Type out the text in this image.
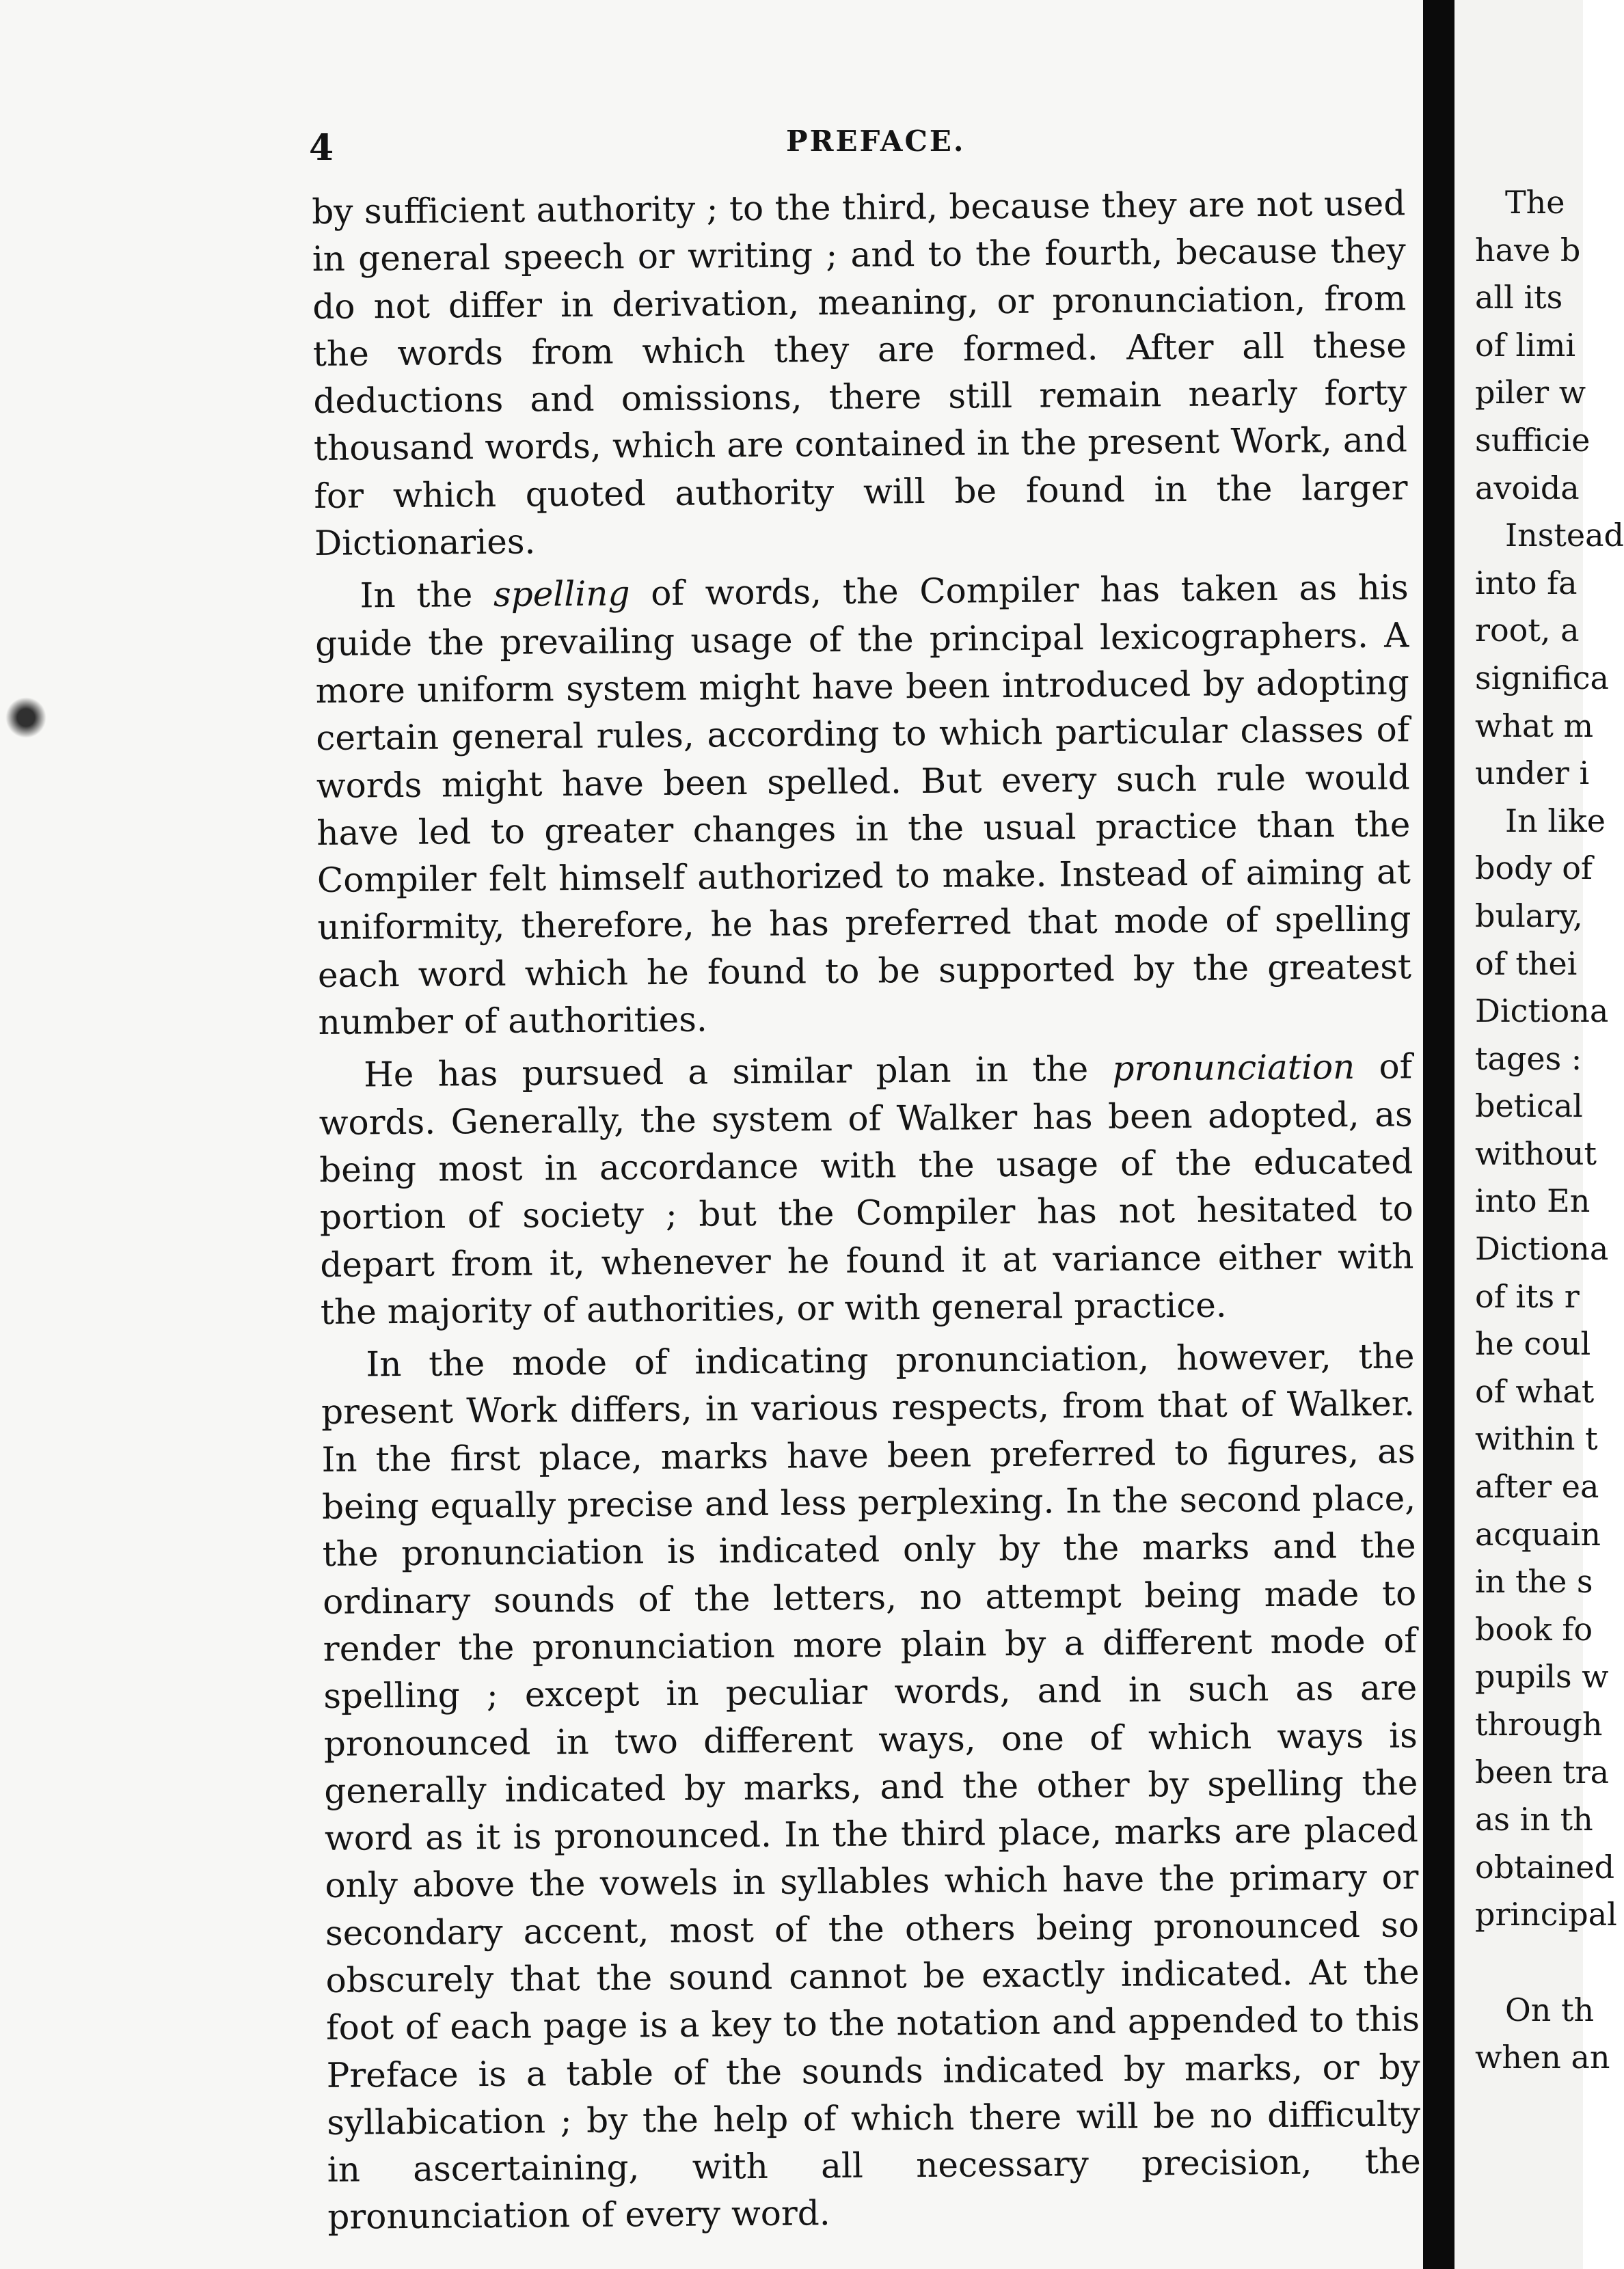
4	PREFACE.

by sufficient authority ; to the third, because they are not used in general speech or writing ; and to the fourth, because they do not differ in derivation, meaning, or pronunciation, from the words from which they are formed. After all these deductions and omissions, there still remain nearly forty thousand words, which are contained in the present Work, and for which quoted authority will be found in the larger Dictionaries.

In the spelling of words, the Compiler has taken as his guide the prevailing usage of the principal lexicographers. A more uniform system might have been introduced by adopting certain general rules, according to which particular classes of words might have been spelled. But every such rule would have led to greater changes in the usual practice than the Compiler felt himself authorized to make. Instead of aiming at uniformity, therefore, he has preferred that mode of spelling each word which he found to be supported by the greatest number of authorities.

He has pursued a similar plan in the pronunciation of words. Generally, the system of Walker has been adopted, as being most in accordance with the usage of the educated portion of society ; but the Compiler has not hesitated to depart from it, whenever he found it at variance either with the majority of authorities, or with general practice.

In the mode of indicating pronunciation, however, the present Work differs, in various respects, from that of Walker. In the first place, marks have been preferred to figures, as being equally precise and less perplexing. In the second place, the pronunciation is indicated only by the marks and the ordinary sounds of the letters, no attempt being made to render the pronunciation more plain by a different mode of spelling ; except in peculiar words, and in such as are pronounced in two different ways, one of which ways is generally indicated by marks, and the other by spelling the word as it is pronounced. In the third place, marks are placed only above the vowels in syllables which have the primary or secondary accent, most of the others being pronounced so obscurely that the sound cannot be exactly indicated. At the foot of each page is a key to the notation and appended to this Preface is a table of the sounds indicated by marks, or by syllabication ; by the help of which there will be no difficulty in ascertaining, with all necessary precision, the pronunciation of every word.

The
have b
all its
of limi
piler w
sufficie
avoida
Instead
into fa
root, a
significa
what m
under i
In like
body of
bulary,
of thei
Dictiona
tages :
betical
without
into En
Dictiona
of its r
he coul
of what
within t
after ea
acquain
in the s
book fo
pupils w
through
been tra
as in th
obtained
principal
On th
when an
